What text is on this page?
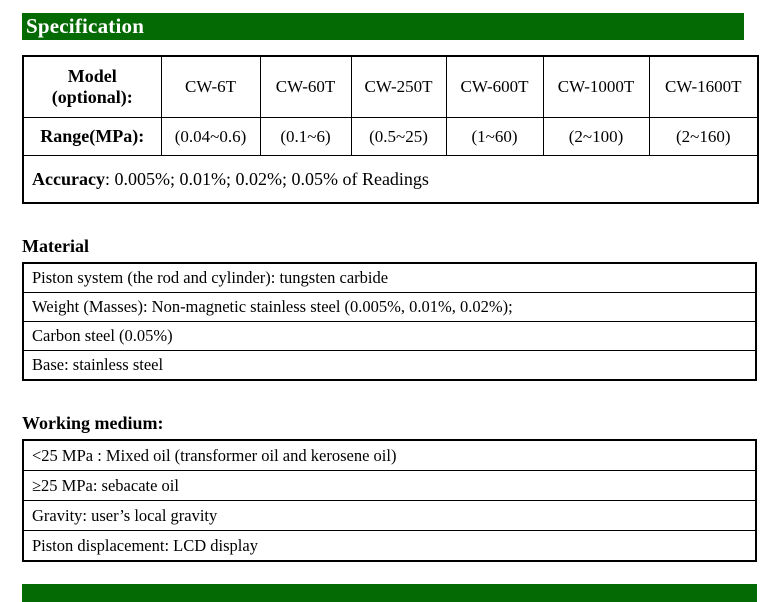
Specification
Model (optional):	CW-6T	CW-60T	CW-250T	CW-600T	CW-1000T	CW-1600T
Range(MPa):	(0.04~0.6)	(0.1~6)	(0.5~25)	(1~60)	(2~100)	(2~160)
Accuracy: 0.005%; 0.01%; 0.02%; 0.05% of Readings						
Material
Piston system (the rod and cylinder): tungsten carbide
Weight (Masses): Non-magnetic stainless steel (0.005%, 0.01%, 0.02%);
Carbon steel (0.05%)
Base: stainless steel
Working medium:
<25 MPa : Mixed oil (transformer oil and kerosene oil)
≥25 MPa: sebacate oil
Gravity: user’s local gravity
Piston displacement: LCD display
